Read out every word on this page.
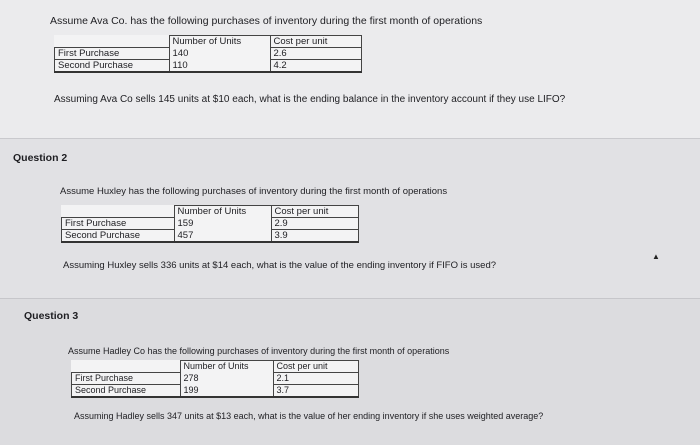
Assume Ava Co. has the following purchases of inventory during the first month of operations
	Number of Units	Cost per unit
First Purchase	140	2.6
Second Purchase	110	4.2
Assuming Ava Co sells 145 units at $10 each, what is the ending balance in the inventory account if they use LIFO?
Question 2
Assume Huxley has the following purchases of inventory during the first month of operations
	Number of Units	Cost per unit
First Purchase	159	2.9
Second Purchase	457	3.9
Assuming Huxley sells 336 units at $14 each, what is the value of the ending inventory if FIFO is used?
▲
Question 3
Assume Hadley Co has the following purchases of inventory during the first month of operations
	Number of Units	Cost per unit
First Purchase	278	2.1
Second Purchase	199	3.7
Assuming Hadley sells 347 units at $13 each, what is the value of her ending inventory if she uses weighted average?
